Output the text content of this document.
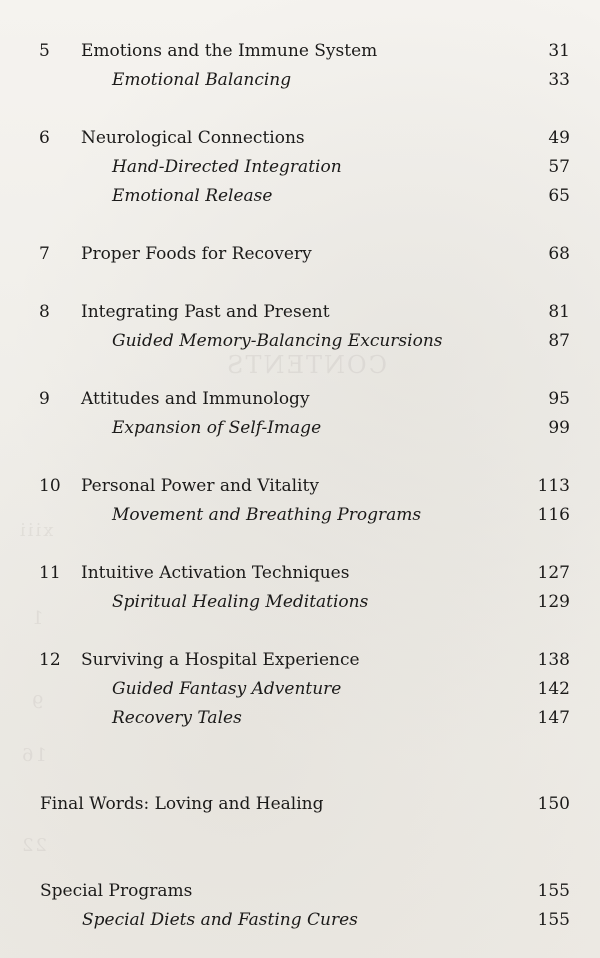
CONTENTS
xiii
1
9
16
22
5 Emotions and the Immune System	31
Emotional Balancing	33
6 Neurological Connections	49
Hand-Directed Integration	57
Emotional Release	65
7 Proper Foods for Recovery	68
8 Integrating Past and Present	81
Guided Memory-Balancing Excursions	87
9 Attitudes and Immunology	95
Expansion of Self-Image	99
10 Personal Power and Vitality	113
Movement and Breathing Programs	116
11 Intuitive Activation Techniques	127
Spiritual Healing Meditations	129
12 Surviving a Hospital Experience	138
Guided Fantasy Adventure	142
Recovery Tales	147
Final Words: Loving and Healing	150
Special Programs	155
Special Diets and Fasting Cures	155
